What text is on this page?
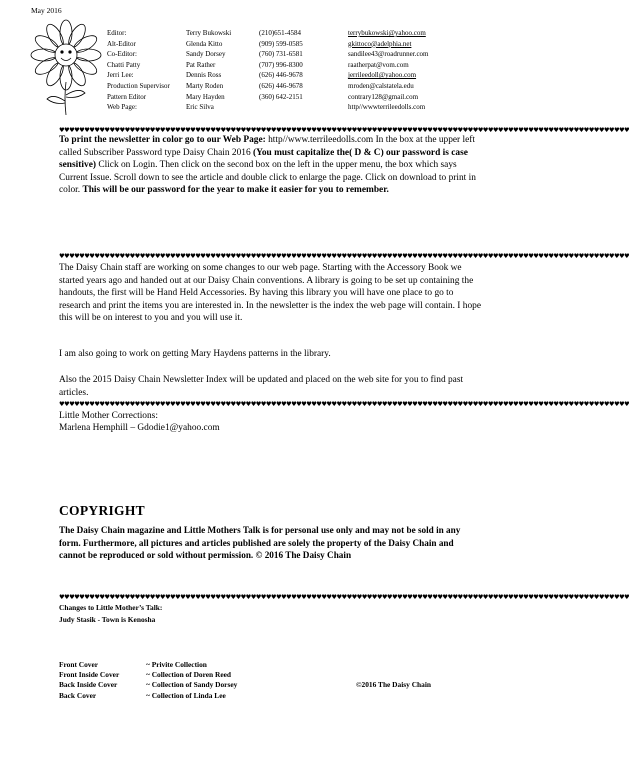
May 2016
Editor:	Terry Bukowski	(210)651-4584	terrybukowski@yahoo.com
Alt-Editor	Glenda Kitto	(909) 599-0585	gkittoco@adelphia.net
Co-Editor:	Sandy Dorsey	(760) 731-6581	sandilee43@roadrunner.com
Chatti Patty	Pat Rather	(707) 996-8300	raatherpat@vom.com
Jerri Lee:	Dennis Ross	(626) 446-9678	jerrileedoll@yahoo.com
Production Supervisor Marty Roden	(626) 446-9678	mroden@calstatela.edu
Pattern Editor	Mary Hayden	(360) 642-2151	contrary128@gmail.com
Web Page:	Eric Silva	http//wwwterrileedolls.com
♥♥♥♥♥♥♥♥♥♥♥♥♥♥♥♥♥♥♥♥♥♥♥♥♥♥♥♥♥♥♥♥♥♥♥♥♥♥♥♥♥♥♥♥♥♥♥♥♥♥♥♥♥♥♥♥♥♥♥♥♥♥♥♥♥♥♥♥♥♥♥♥♥♥♥♥♥♥♥♥♥♥♥♥♥♥♥♥♥♥♥♥♥♥♥♥♥♥♥♥♥♥♥♥♥♥♥♥♥♥♥♥♥
To print the newsletter in color go to our Web Page: http//www.terrileedolls.com In the box at the upper left called Subscriber Password type Daisy Chain 2016 (You must capitalize the( D & C) our password is case sensitive) Click on Login. Then click on the second box on the left in the upper menu, the box which says Current Issue. Scroll down to see the article and double click to enlarge the page. Click on download to print in color. This will be our password for the year to make it easier for you to remember.
♥♥♥♥♥♥♥♥♥♥♥♥♥♥♥♥♥♥♥♥♥♥♥♥♥♥♥♥♥♥♥♥♥♥♥♥♥♥♥♥♥♥♥♥♥♥♥♥♥♥♥♥♥♥♥♥♥♥♥♥♥♥♥♥♥♥♥♥♥♥♥♥♥♥♥♥♥♥♥♥♥♥♥♥♥♥♥♥♥♥♥♥♥♥♥♥♥♥♥♥♥♥♥♥♥♥♥♥♥♥♥♥♥
The Daisy Chain staff are working on some changes to our web page. Starting with the Accessory Book we started years ago and handed out at our Daisy Chain conventions. A library is going to be set up containing the handouts, the first will be Hand Held Accessories. By having this library you will have one place to go to research and print the items you are interested in. In the newsletter is the index the web page will contain. I hope this will be on interest to you and you will use it.
I am also going to work on getting Mary Haydens patterns in the library.
Also the 2015 Daisy Chain Newsletter Index will be updated and placed on the web site for you to find past articles.
♥♥♥♥♥♥♥♥♥♥♥♥♥♥♥♥♥♥♥♥♥♥♥♥♥♥♥♥♥♥♥♥♥♥♥♥♥♥♥♥♥♥♥♥♥♥♥♥♥♥♥♥♥♥♥♥♥♥♥♥♥♥♥♥♥♥♥♥♥♥♥♥♥♥♥♥♥♥♥♥♥♥♥♥♥♥♥♥♥♥♥♥♥♥♥♥♥♥♥♥♥♥♥♥♥♥♥♥♥♥♥♥♥
Little Mother Corrections:
Marlena Hemphill – Gdodie1@yahoo.com
COPYRIGHT
The Daisy Chain magazine and Little Mothers Talk is for personal use only and may not be sold in any form. Furthermore, all pictures and articles published are solely the property of the Daisy Chain and cannot be reproduced or sold without permission. © 2016 The Daisy Chain
♥♥♥♥♥♥♥♥♥♥♥♥♥♥♥♥♥♥♥♥♥♥♥♥♥♥♥♥♥♥♥♥♥♥♥♥♥♥♥♥♥♥♥♥♥♥♥♥♥♥♥♥♥♥♥♥♥♥♥♥♥♥♥♥♥♥♥♥♥♥♥♥♥♥♥♥♥♥♥♥♥♥♥♥♥♥♥♥♥♥♥♥♥♥♥♥♥♥♥♥♥♥♥♥♥♥♥♥♥♥♥♥♥
Changes to Little Mother’s Talk:
Judy Stasik - Town is Kenosha
Front Cover	~ Privite Collection
Front Inside Cover	~ Collection of Doren Reed
Back Inside Cover	~ Collection of Sandy Dorsey	©2016 The Daisy Chain
Back Cover	~ Collection of Linda Lee
